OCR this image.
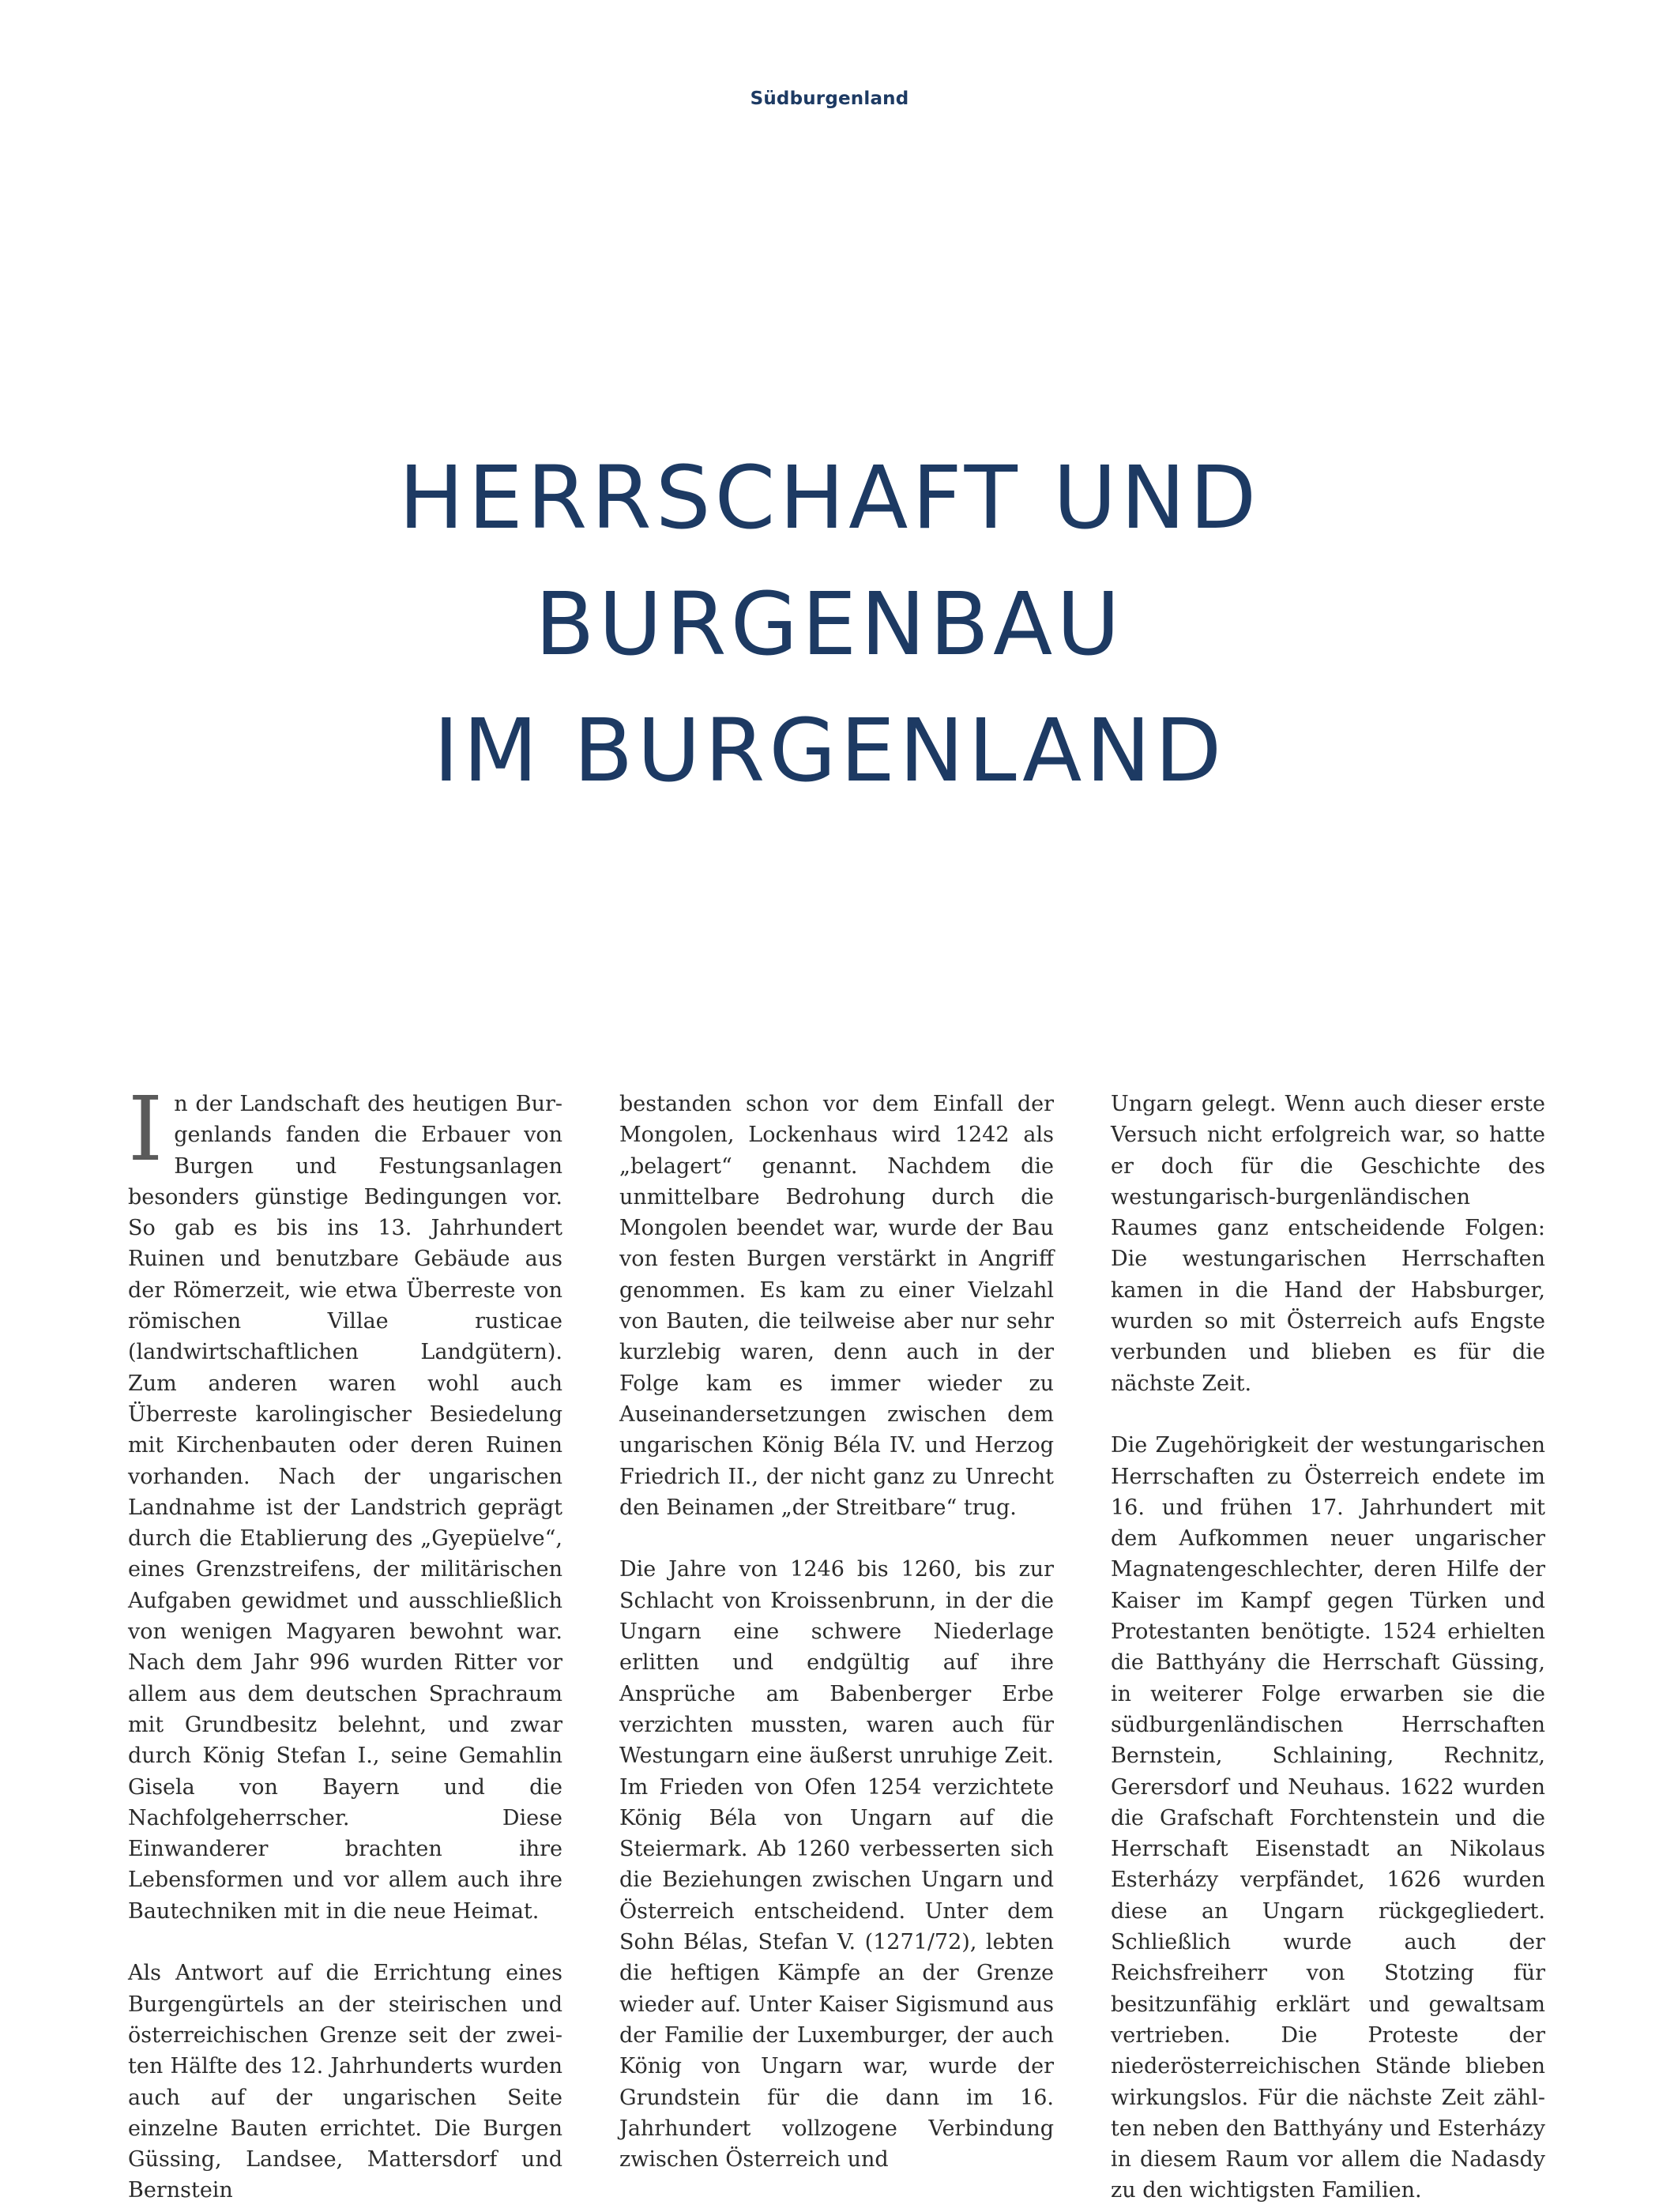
Südburgenland
HERRSCHAFT UND
BURGENBAU
IM BURGENLAND

In der Landschaft des heutigen Burgenlands fanden die Erbauer von Burgen und Festungsanlagen besonders günstige Bedingungen vor. So gab es bis ins 13. Jahrhundert Ruinen und benutzbare Gebäude aus der Römerzeit, wie etwa Überreste von römischen Villae rusticae (landwirtschaftlichen Landgütern). Zum anderen waren wohl auch Überreste karolingischer Besiedelung mit Kirchenbauten oder deren Ruinen vorhanden. Nach der ungarischen Landnahme ist der Landstrich geprägt durch die Etablierung des „Gyepüelve“, eines Grenzstreifens, der militärischen Aufgaben gewidmet und ausschließlich von wenigen Magyaren bewohnt war. Nach dem Jahr 996 wurden Ritter vor allem aus dem deutschen Sprachraum mit Grundbesitz belehnt, und zwar durch König Stefan I., seine Gemahlin Gisela von Bayern und die Nachfolgeherrscher. Diese Einwanderer brachten ihre Lebensformen und vor allem auch ihre Bautechniken mit in die neue Heimat.

Als Antwort auf die Errichtung eines Burgengürtels an der steirischen und österreichischen Grenze seit der zweiten Hälfte des 12. Jahrhunderts wurden auch auf der ungarischen Seite einzelne Bauten errichtet. Die Burgen Güssing, Landsee, Mattersdorf und Bernstein

bestanden schon vor dem Einfall der Mongolen, Lockenhaus wird 1242 als „belagert“ genannt. Nachdem die unmittelbare Bedrohung durch die Mongolen beendet war, wurde der Bau von festen Burgen verstärkt in Angriff genommen. Es kam zu einer Vielzahl von Bauten, die teilweise aber nur sehr kurzlebig waren, denn auch in der Folge kam es immer wieder zu Auseinandersetzungen zwischen dem ungarischen König Béla IV. und Herzog Friedrich II., der nicht ganz zu Unrecht den Beinamen „der Streitbare“ trug.

Die Jahre von 1246 bis 1260, bis zur Schlacht von Kroissenbrunn, in der die Ungarn eine schwere Niederlage erlitten und endgültig auf ihre Ansprüche am Babenberger Erbe verzichten mussten, waren auch für Westungarn eine äußerst unruhige Zeit. Im Frieden von Ofen 1254 verzichtete König Béla von Ungarn auf die Steiermark. Ab 1260 verbesserten sich die Beziehungen zwischen Ungarn und Österreich entscheidend. Unter dem Sohn Bélas, Stefan V. (1271/72), lebten die heftigen Kämpfe an der Grenze wieder auf. Unter Kaiser Sigismund aus der Familie der Luxemburger, der auch König von Ungarn war, wurde der Grundstein für die dann im 16. Jahrhundert vollzogene Verbindung zwischen Österreich und

Ungarn gelegt. Wenn auch dieser erste Versuch nicht erfolgreich war, so hatte er doch für die Geschichte des westungarisch-burgenländischen Raumes ganz entscheidende Folgen: Die westungarischen Herrschaften kamen in die Hand der Habsburger, wurden so mit Österreich aufs Engste verbunden und blieben es für die nächste Zeit.

Die Zugehörigkeit der westungarischen Herrschaften zu Österreich endete im 16. und frühen 17. Jahrhundert mit dem Aufkommen neuer ungarischer Magnatengeschlechter, deren Hilfe der Kaiser im Kampf gegen Türken und Protestanten benötigte. 1524 erhielten die Batthyány die Herrschaft Güssing, in weiterer Folge erwarben sie die südburgenländischen Herrschaften Bernstein, Schlaining, Rechnitz, Gerersdorf und Neuhaus. 1622 wurden die Grafschaft Forchtenstein und die Herrschaft Eisenstadt an Nikolaus Esterházy verpfändet, 1626 wurden diese an Ungarn rückgegliedert. Schließlich wurde auch der Reichsfreiherr von Stotzing für besitzunfähig erklärt und gewaltsam vertrieben. Die Proteste der niederösterreichischen Stände blieben wirkungslos. Für die nächste Zeit zählten neben den Batthyány und Esterházy in diesem Raum vor allem die Nadasdy zu den wichtigsten Familien.
